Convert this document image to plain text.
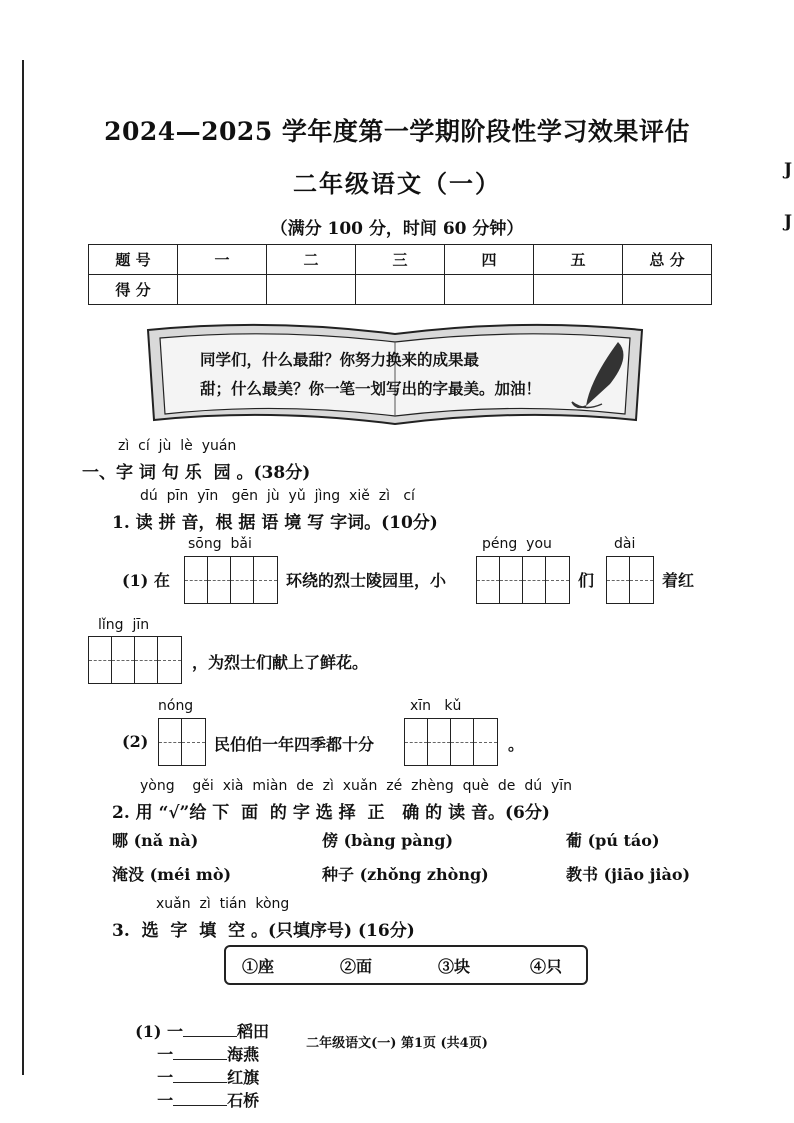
2024—2025 学年度第一学期阶段性学习效果评估
二年级语文（一）
（满分 100 分，时间 60 分钟）
J
J
题 号	一	二	三	四	五	总 分
得 分						
同学们，什么最甜？你努力换来的成果最
甜；什么最美？你一笔一划写出的字最美。加油！
zì  cí  jù  lè  yuán
一、字 词 句 乐  园 。(38分)
dú  pīn  yīn   gēn  jù  yǔ  jìng  xiě  zì   cí
1. 读 拼 音，根 据 语 境 写 字词。(10分)
sōng  bǎi	péng  you	dài
(1) 在	环绕的烈士陵园里，小	们	着红
lǐng  jīn
，为烈士们献上了鲜花。
nóng	xīn   kǔ
(2)	民伯伯一年四季都十分	。
yòng    gěi  xià  miàn  de  zì  xuǎn  zé  zhèng  què  de  dú  yīn
2. 用 “√”给 下  面  的 字 选 择  正   确 的 读 音。(6分)
哪 (nǎ nà)	傍 (bàng pàng)	葡 (pú táo)
淹没 (méi mò)	种子 (zhǒng zhòng)	教书 (jiāo jiào)
xuǎn  zì  tián  kòng
3.  选  字  填  空 。(只填序号) (16分)
①座	②面	③块	④只

(1) 一	稻田
一	海燕
一	红旗
一	石桥

二年级语文(一) 第1页 (共4页)
